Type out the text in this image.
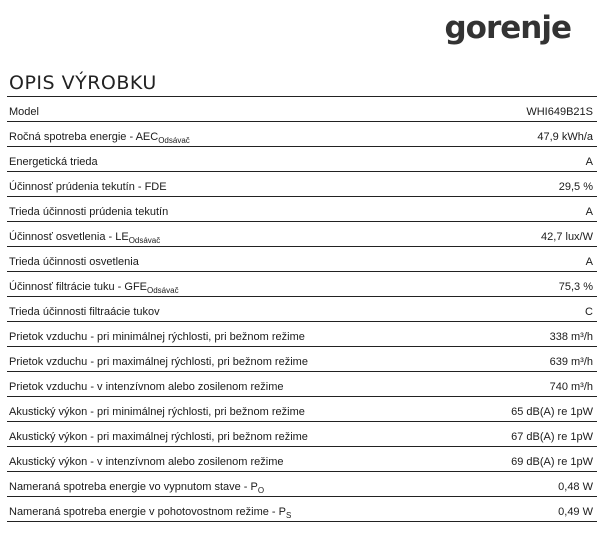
gorenje
OPIS VÝROBKU
Model	WHI649B21S
Ročná spotreba energie - $AEC_{Odsávač}$	47,9 kWh/a
Energetická trieda	A
Účinnosť prúdenia tekutín - FDE	29,5 %
Trieda účinnosti prúdenia tekutín	A
Účinnosť osvetlenia - $LE_{Odsávač}$	42,7 lux/W
Trieda účinnosti osvetlenia	A
Účinnosť filtrácie tuku - $GFE_{Odsávač}$	75,3 %
Trieda účinnosti filtraácie tukov	C
Prietok vzduchu - pri minimálnej rýchlosti, pri bežnom režime	338 m³/h
Prietok vzduchu - pri maximálnej rýchlosti, pri bežnom režime	639 m³/h
Prietok vzduchu - v intenzívnom alebo zosilenom režime	740 m³/h
Akustický výkon - pri minimálnej rýchlosti, pri bežnom režime	65 dB(A) re 1pW
Akustický výkon - pri maximálnej rýchlosti, pri bežnom režime	67 dB(A) re 1pW
Akustický výkon - v intenzívnom alebo zosilenom režime	69 dB(A) re 1pW
Nameraná spotreba energie vo vypnutom stave - $P_O$	0,48 W
Nameraná spotreba energie v pohotovostnom režime - $P_S$	0,49 W
